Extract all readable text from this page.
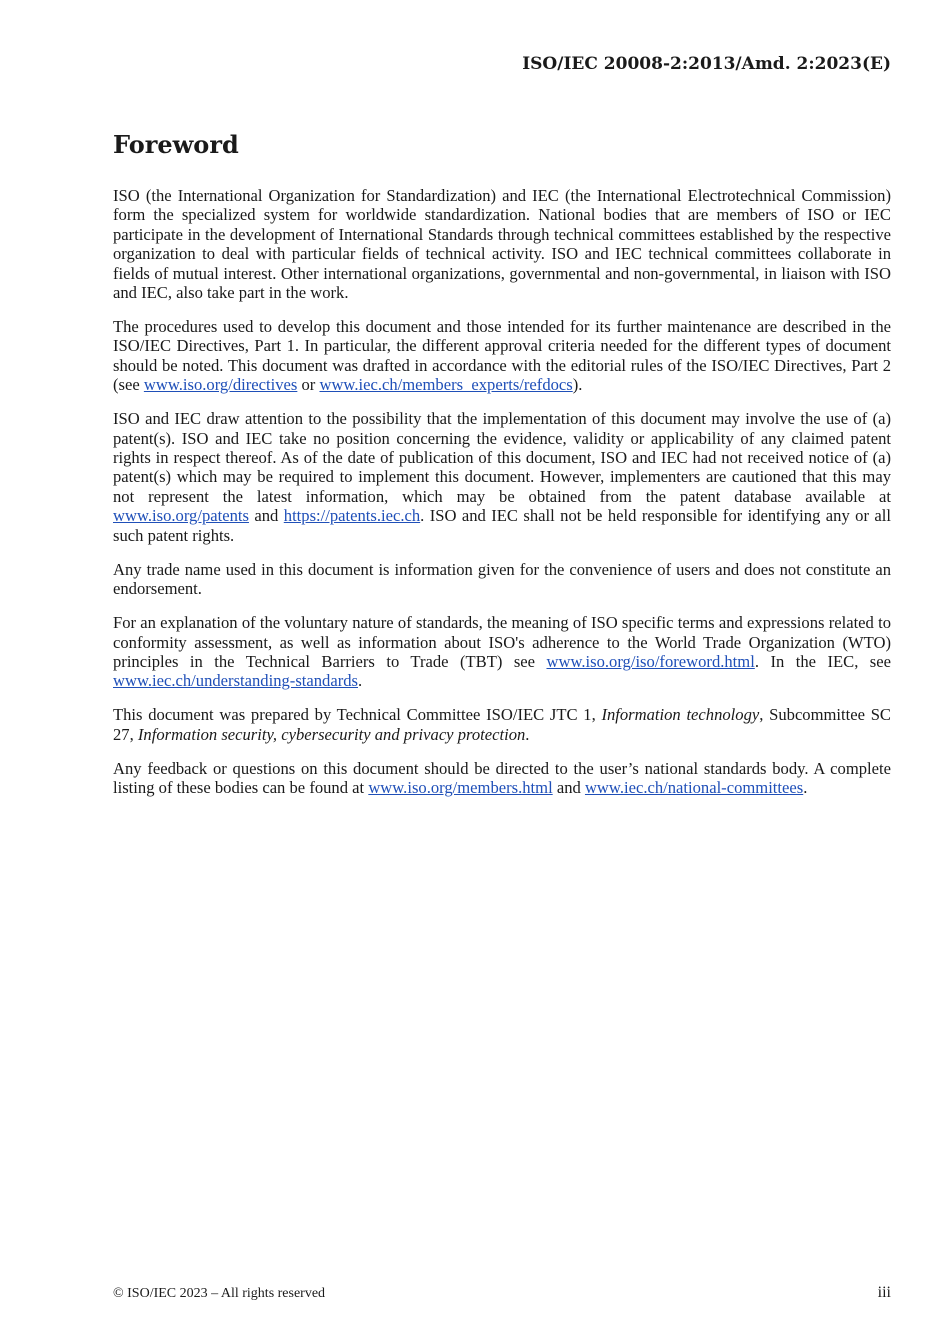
ISO/IEC 20008-2:2013/Amd. 2:2023(E)
Foreword

ISO (the International Organization for Standardization) and IEC (the International Electrotechnical Commission) form the specialized system for worldwide standardization. National bodies that are members of ISO or IEC participate in the development of International Standards through technical committees established by the respective organization to deal with particular fields of technical activity. ISO and IEC technical committees collaborate in fields of mutual interest. Other international organizations, governmental and non-governmental, in liaison with ISO and IEC, also take part in the work.

The procedures used to develop this document and those intended for its further maintenance are described in the ISO/IEC Directives, Part 1. In particular, the different approval criteria needed for the different types of document should be noted. This document was drafted in accordance with the editorial rules of the ISO/IEC Directives, Part 2 (see www.iso.org/directives or www.iec.ch/members_experts/refdocs).

ISO and IEC draw attention to the possibility that the implementation of this document may involve the use of (a) patent(s). ISO and IEC take no position concerning the evidence, validity or applicability of any claimed patent rights in respect thereof. As of the date of publication of this document, ISO and IEC had not received notice of (a) patent(s) which may be required to implement this document. However, implementers are cautioned that this may not represent the latest information, which may be obtained from the patent database available at www.iso.org/patents and https://patents.iec.ch. ISO and IEC shall not be held responsible for identifying any or all such patent rights.

Any trade name used in this document is information given for the convenience of users and does not constitute an endorsement.

For an explanation of the voluntary nature of standards, the meaning of ISO specific terms and expressions related to conformity assessment, as well as information about ISO's adherence to the World Trade Organization (WTO) principles in the Technical Barriers to Trade (TBT) see www.iso.org/iso/foreword.html. In the IEC, see www.iec.ch/understanding-standards.

This document was prepared by Technical Committee ISO/IEC JTC 1, Information technology, Subcommittee SC 27, Information security, cybersecurity and privacy protection.

Any feedback or questions on this document should be directed to the user’s national standards body. A complete listing of these bodies can be found at www.iso.org/members.html and www.iec.ch/national-committees.

© ISO/IEC 2023 – All rights reserved	iii
